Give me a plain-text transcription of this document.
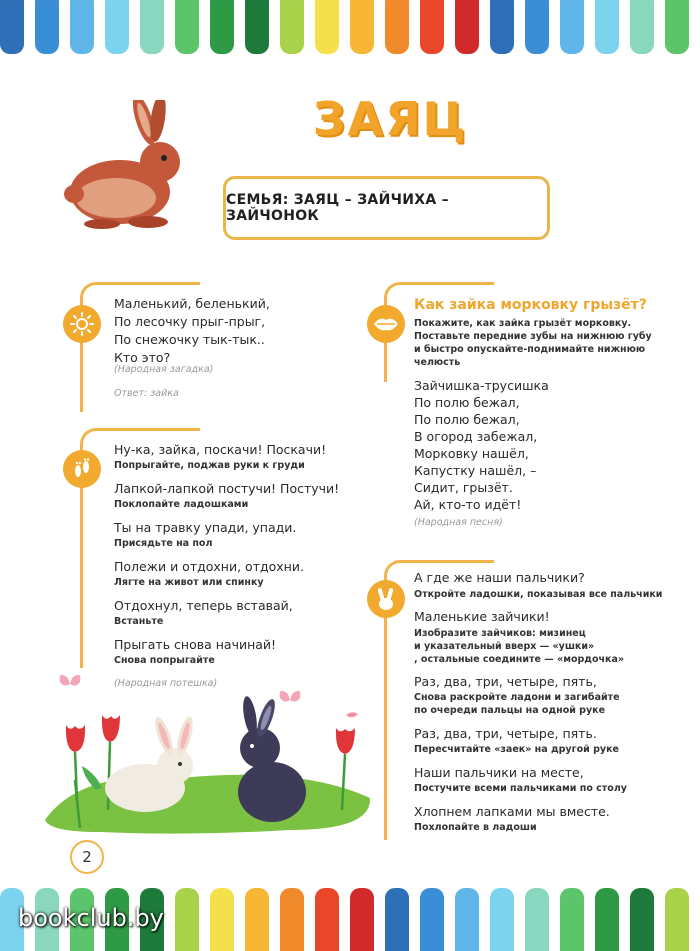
ЗАЯЦ
СЕМЬЯ: ЗАЯЦ – ЗАЙЧИХА – ЗАЙЧОНОК
Маленький, беленький,
По лесочку прыг-прыг,
По снежочку тык-тык..
Кто это?
(Народная загадка)
Ответ: зайка
Ну-ка, зайка, поскачи! Поскачи!
Попрыгайте, поджав руки к груди
Лапкой-лапкой постучи! Постучи!
Поклопайте ладошками
Ты на травку упади, упади.
Присядьте на пол
Полежи и отдохни, отдохни.
Лягте на живот или спинку
Отдохнул, теперь вставай,
Встаньте
Прыгать снова начинай!
Снова попрыгайте
(Народная потешка)
Как зайка морковку грызёт?
Покажите, как зайка грызёт морковку.
Поставьте передние зубы на нижнюю губу
и быстро опускайте-поднимайте нижнюю
челюсть
Зайчишка-трусишка
По полю бежал,
По полю бежал,
В огород забежал,
Морковку нашёл,
Капустку нашёл, –
Сидит, грызёт.
Ай, кто-то идёт!
(Народная песня)
А где же наши пальчики?
Откройте ладошки, показывая все пальчики
Маленькие зайчики!
Изобразите зайчиков: мизинец
и указательный вверх — «ушки»
, остальные соедините — «мордочка»
Раз, два, три, четыре, пять,
Снова раскройте ладони и загибайте
по очереди пальцы на одной руке
Раз, два, три, четыре, пять.
Пересчитайте «заек» на другой руке
Наши пальчики на месте,
Постучите всеми пальчиками по столу
Хлопнем лапками мы вместе.
Похлопайте в ладоши
2
bookclub.by
